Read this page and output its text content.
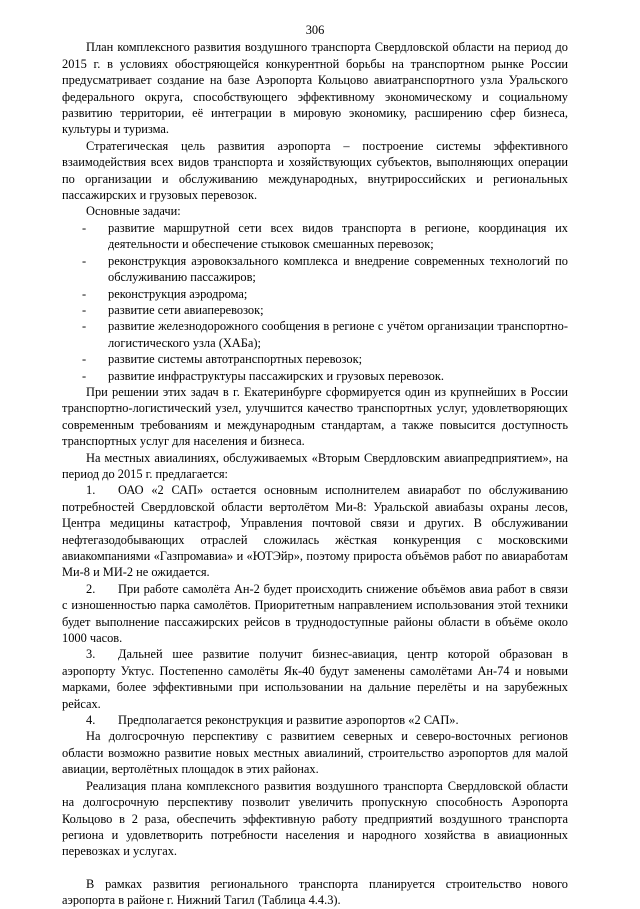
306

План комплексного развития воздушного транспорта Свердловской области на период до 2015 г. в условиях обостряющейся конкурентной борьбы на транспортном рынке России предусматривает создание на базе Аэропорта Кольцово авиатранспортного узла Уральского федерального округа, способствующего эффективному экономическому и социальному развитию территории, её интеграции в мировую экономику, расширению сфер бизнеса, культуры и туризма.

Стратегическая цель развития аэропорта – построение системы эффективного взаимодействия всех видов транспорта и хозяйствующих субъектов, выполняющих операции по организации и обслуживанию международных, внутрироссийских и региональных пассажирских и грузовых перевозок.

Основные задачи:

-	развитие маршрутной сети всех видов транспорта в регионе, координация их деятельности и обеспечение стыковок смешанных перевозок;
-	реконструкция аэровокзального комплекса и внедрение современных технологий по обслуживанию пассажиров;
-	реконструкция аэродрома;
-	развитие сети авиаперевозок;
-	развитие железнодорожного сообщения в регионе с учётом организации транспортно-логистического узла (ХАБа);
-	развитие системы автотранспортных перевозок;
-	развитие инфраструктуры пассажирских и грузовых перевозок.

При решении этих задач в г. Екатеринбурге сформируется один из крупнейших в России транспортно-логистический узел, улучшится качество транспортных услуг, удовлетворяющих современным требованиям и международным стандартам, а также повысится доступность транспортных услуг для населения и бизнеса.

На местных авиалиниях, обслуживаемых «Вторым Свердловским авиапредприятием», на период до 2015 г. предлагается:

1. ОАО «2 САП» остается основным исполнителем авиаработ по обслуживанию потребностей Свердловской области вертолётом Ми-8: Уральской авиабазы охраны лесов, Центра медицины катастроф, Управления почтовой связи и других. В обслуживании нефтегазодобывающих отраслей сложилась жёсткая конкуренция с московскими авиакомпаниями «Газпромавиа» и «ЮТЭйр», поэтому прироста объёмов работ по авиаработам Ми-8 и МИ-2 не ожидается.

2. При работе самолёта Ан-2 будет происходить снижение объёмов авиа работ в связи с изношенностью парка самолётов. Приоритетным направлением использования этой техники будет выполнение пассажирских рейсов в труднодоступные районы области в объёме около 1000 часов.

3. Дальней шее развитие получит бизнес-авиация, центр которой образован в аэропорту Уктус. Постепенно самолёты Як-40 будут заменены самолётами Ан-74 и новыми марками, более эффективными при использовании на дальние перелёты и на зарубежных рейсах.

4. Предполагается реконструкция и развитие аэропортов «2 САП».

На долгосрочную перспективу с развитием северных и северо-восточных регионов области возможно развитие новых местных авиалиний, строительство аэропортов для малой авиации, вертолётных площадок в этих районах.

Реализация плана комплексного развития воздушного транспорта Свердловской области на долгосрочную перспективу позволит увеличить пропускную способность Аэропорта Кольцово в 2 раза, обеспечить эффективную работу предприятий воздушного транспорта региона и удовлетворить потребности населения и народного хозяйства в авиационных перевозках и услугах.

В рамках развития регионального транспорта планируется строительство нового аэропорта в районе г. Нижний Тагил (Таблица 4.4.3).
